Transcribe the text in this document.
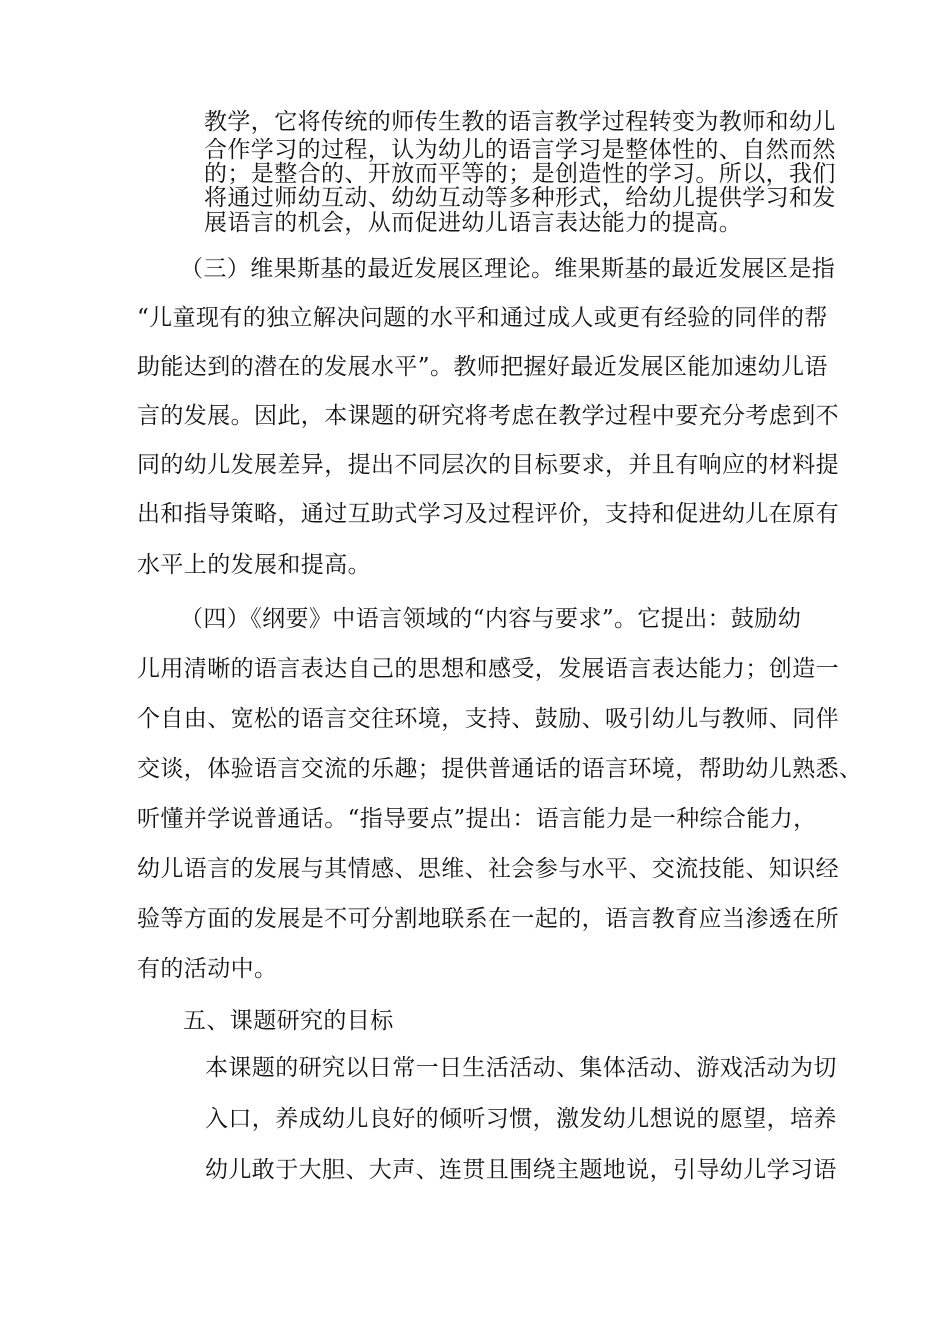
教学，它将传统的师传生教的语言教学过程转变为教师和幼儿
合作学习的过程，认为幼儿的语言学习是整体性的、自然而然
的；是整合的、开放而平等的；是创造性的学习。所以，我们
将通过师幼互动、幼幼互动等多种形式，给幼儿提供学习和发
展语言的机会，从而促进幼儿语言表达能力的提高。
（三）维果斯基的最近发展区理论。维果斯基的最近发展区是指
“儿童现有的独立解决问题的水平和通过成人或更有经验的同伴的帮
助能达到的潜在的发展水平”。教师把握好最近发展区能加速幼儿语
言的发展。因此，本课题的研究将考虑在教学过程中要充分考虑到不
同的幼儿发展差异，提出不同层次的目标要求，并且有响应的材料提
出和指导策略，通过互助式学习及过程评价，支持和促进幼儿在原有
水平上的发展和提高。
（四）《纲要》中语言领域的“内容与要求”。它提出：鼓励幼
儿用清晰的语言表达自己的思想和感受，发展语言表达能力；创造一
个自由、宽松的语言交往环境，支持、鼓励、吸引幼儿与教师、同伴
交谈，体验语言交流的乐趣；提供普通话的语言环境，帮助幼儿熟悉、
听懂并学说普通话。“指导要点”提出：语言能力是一种综合能力，
幼儿语言的发展与其情感、思维、社会参与水平、交流技能、知识经
验等方面的发展是不可分割地联系在一起的，语言教育应当渗透在所
有的活动中。
五、课题研究的目标
本课题的研究以日常一日生活活动、集体活动、游戏活动为切
入口，养成幼儿良好的倾听习惯，激发幼儿想说的愿望，培养
幼儿敢于大胆、大声、连贯且围绕主题地说，引导幼儿学习语
